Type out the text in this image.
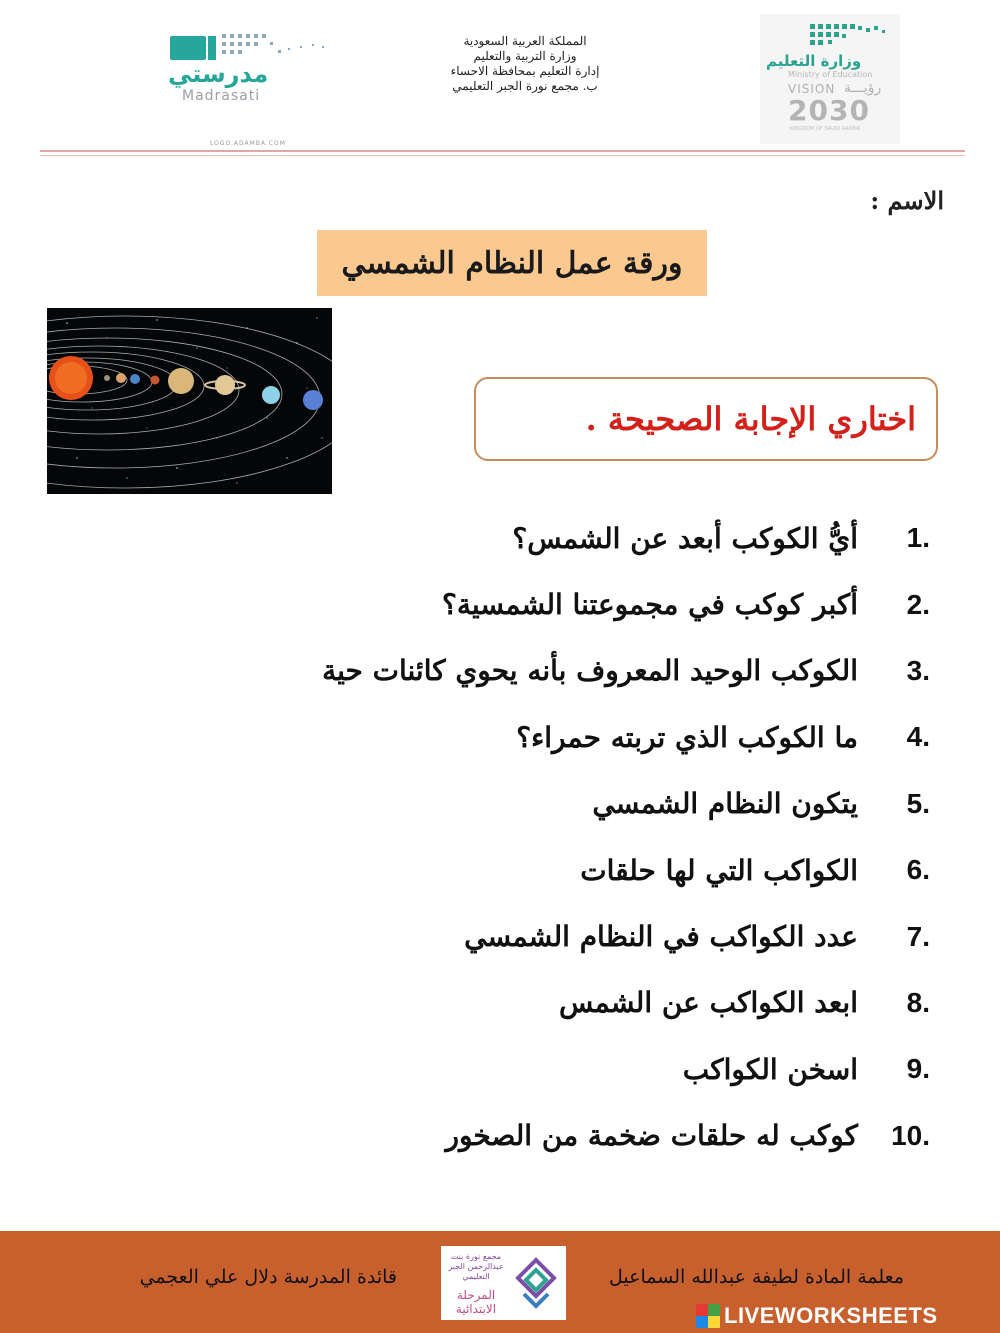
مدرستي
Madrasati
LOGO.ADAMBA.COM
المملكة العربية السعودية
وزارة التربية والتعليم
إدارة التعليم بمحافظة الاحساء
ب. مجمع نورة الجبر التعليمي
وزارة التعليم
Ministry of Education
VISION رؤيـــة
2030
KINGDOM OF SAUDI ARABIA
الاسم :
ورقة عمل النظام الشمسي
اختاري الإجابة الصحيحة .
1.
أيُّ الكوكب أبعد عن الشمس؟
2.
أكبر كوكب في مجموعتنا الشمسية؟
3.
الكوكب الوحيد المعروف بأنه يحوي كائنات حية
4.
ما الكوكب الذي تربته حمراء؟
5.
يتكون النظام الشمسي
6.
الكواكب التي لها حلقات
7.
عدد الكواكب في النظام الشمسي
8.
ابعد الكواكب عن الشمس
9.
اسخن الكواكب
10.
كوكب له حلقات ضخمة من الصخور
معلمة المادة لطيفة عبدالله السماعيل
قائدة المدرسة دلال علي العجمي
مجمع نورة بنت عبدالرحمن الجبر التعليمي
المرحلة الابتدائية	LIVEWORKSHEETS
